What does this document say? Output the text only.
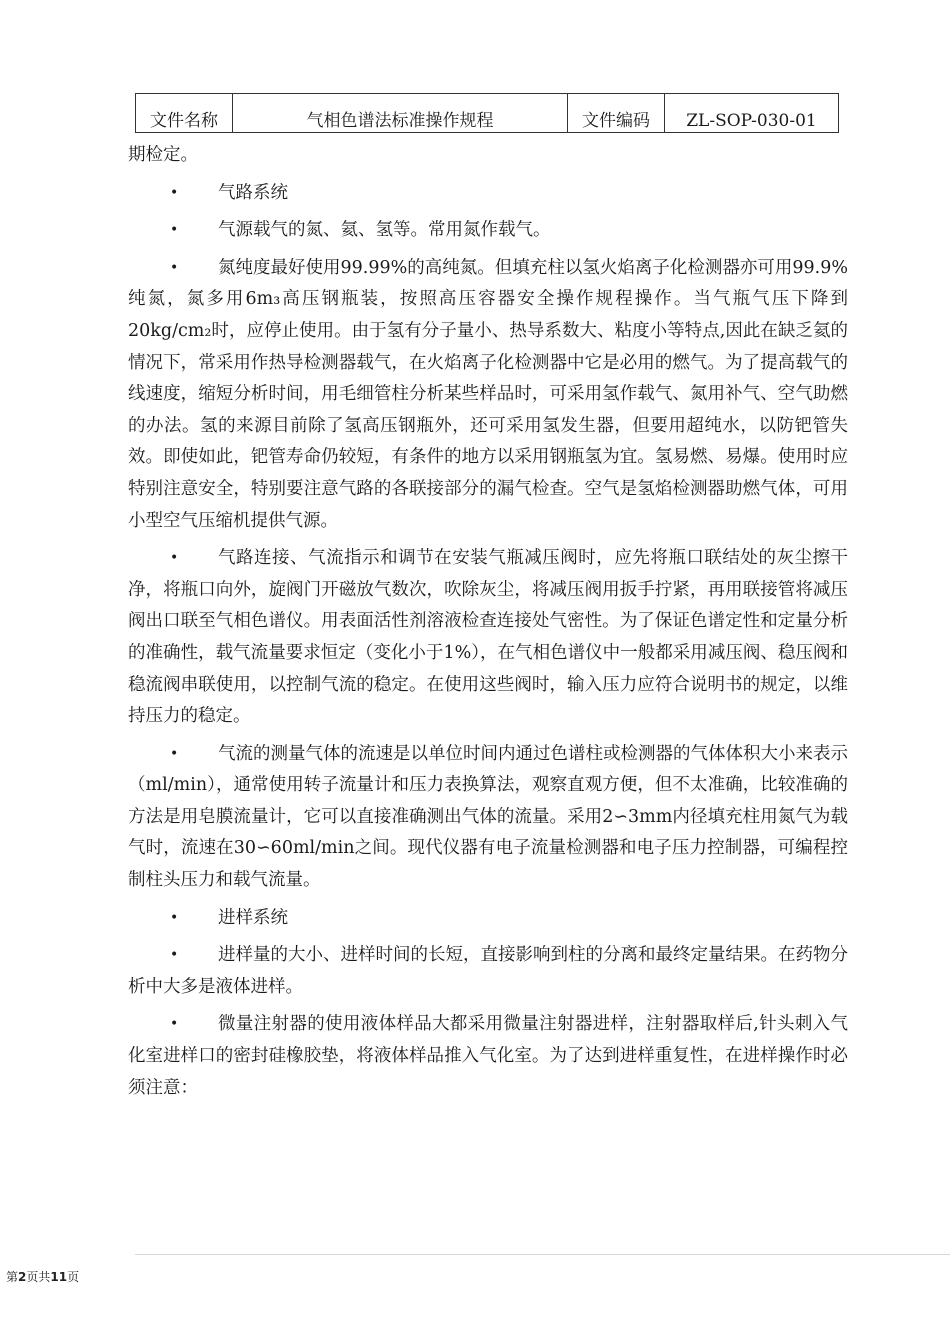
文件名称	气相色谱法标准操作规程	文件编码	ZL-SOP-030-01

期检定。

• 气路系统

• 气源载气的氮、氦、氢等。常用氮作载气。

• 氮纯度最好使用99.99%的高纯氮。但填充柱以氢火焰离子化检测器亦可用99.9%纯氮，氮多用6m₃高压钢瓶装，按照高压容器安全操作规程操作。当气瓶气压下降到20kg/cm₂时，应停止使用。由于氢有分子量小、热导系数大、粘度小等特点,因此在缺乏氦的情况下，常采用作热导检测器载气，在火焰离子化检测器中它是必用的燃气。为了提高载气的线速度，缩短分析时间，用毛细管柱分析某些样品时，可采用氢作载气、氮用补气、空气助燃的办法。氢的来源目前除了氢高压钢瓶外，还可采用氢发生器，但要用超纯水，以防钯管失效。即使如此，钯管寿命仍较短，有条件的地方以采用钢瓶氢为宜。氢易燃、易爆。使用时应特别注意安全，特别要注意气路的各联接部分的漏气检查。空气是氢焰检测器助燃气体，可用小型空气压缩机提供气源。

• 气路连接、气流指示和调节在安装气瓶减压阀时，应先将瓶口联结处的灰尘擦干净，将瓶口向外，旋阀门开磁放气数次，吹除灰尘，将减压阀用扳手拧紧，再用联接管将减压阀出口联至气相色谱仪。用表面活性剂溶液检查连接处气密性。为了保证色谱定性和定量分析的准确性，载气流量要求恒定（变化小于1%），在气相色谱仪中一般都采用减压阀、稳压阀和稳流阀串联使用，以控制气流的稳定。在使用这些阀时，输入压力应符合说明书的规定，以维持压力的稳定。

• 气流的测量气体的流速是以单位时间内通过色谱柱或检测器的气体体积大小来表示（ml/min），通常使用转子流量计和压力表换算法，观察直观方便，但不太准确，比较准确的方法是用皂膜流量计，它可以直接准确测出气体的流量。采用2∽3mm内径填充柱用氮气为载气时，流速在30∽60ml/min之间。现代仪器有电子流量检测器和电子压力控制器，可编程控制柱头压力和载气流量。

• 进样系统

• 进样量的大小、进样时间的长短，直接影响到柱的分离和最终定量结果。在药物分析中大多是液体进样。

• 微量注射器的使用液体样品大都采用微量注射器进样，注射器取样后,针头刺入气化室进样口的密封硅橡胶垫，将液体样品推入气化室。为了达到进样重复性，在进样操作时必须注意：

第2页共11页
